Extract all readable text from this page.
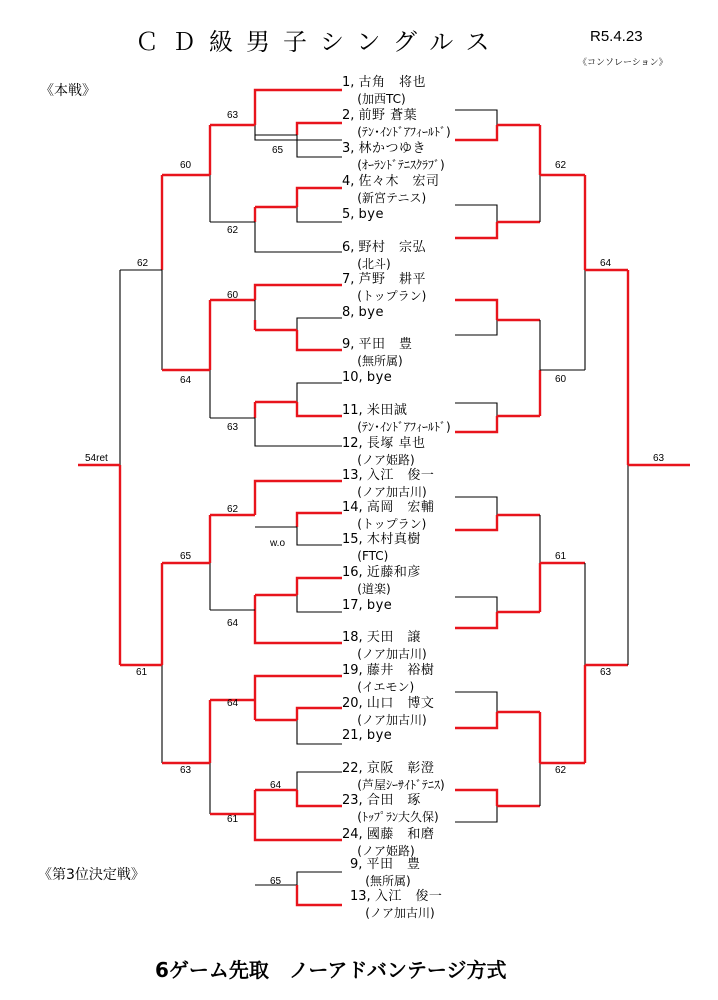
ＣＤ級男子シングルス	R5.4.23
《コンソレーション》
《本戦》
《第3位決定戦》
6ゲーム先取　ノーアドバンテージ方式
1, 古角　将也
(加西TC)
2, 前野 蒼葉
(ﾃﾝ･ｲﾝﾄﾞｱﾌｨｰﾙﾄﾞ)
3, 林かつゆき
(ｵｰﾗﾝﾄﾞﾃﾆｽｸﾗﾌﾞ)
4, 佐々木　宏司
(新宮テニス)
5, bye
6, 野村　宗弘
(北斗)
7, 芦野　耕平
(トップラン)
8, bye
9, 平田　豊
(無所属)
10, bye
11, 米田誠
(ﾃﾝ･ｲﾝﾄﾞｱﾌｨｰﾙﾄﾞ)
12, 長塚 卓也
(ノア姫路)
13, 入江　俊一
(ノア加古川)
14, 高岡　宏輔
(トップラン)
15, 木村真樹
(FTC)
16, 近藤和彦
(道楽)
17, bye
18, 天田　譲
(ノア加古川)
19, 藤井　裕樹
(イエモン)
20, 山口　博文
(ノア加古川)
21, bye
22, 京阪　彰澄
(芦屋ｼｰｻｲﾄﾞﾃﾆｽ)
23, 合田　琢
(ﾄｯﾌﾟﾗﾝ大久保)
24, 國藤　和磨
(ノア姫路)
9, 平田　豊
(無所属)
13, 入江　俊一
(ノア加古川)
63
65
60
62
62
60
64
63
54ret
62
w.o
65
64
61
64
64
63
61
62
64
60
63
61
63
62
65
